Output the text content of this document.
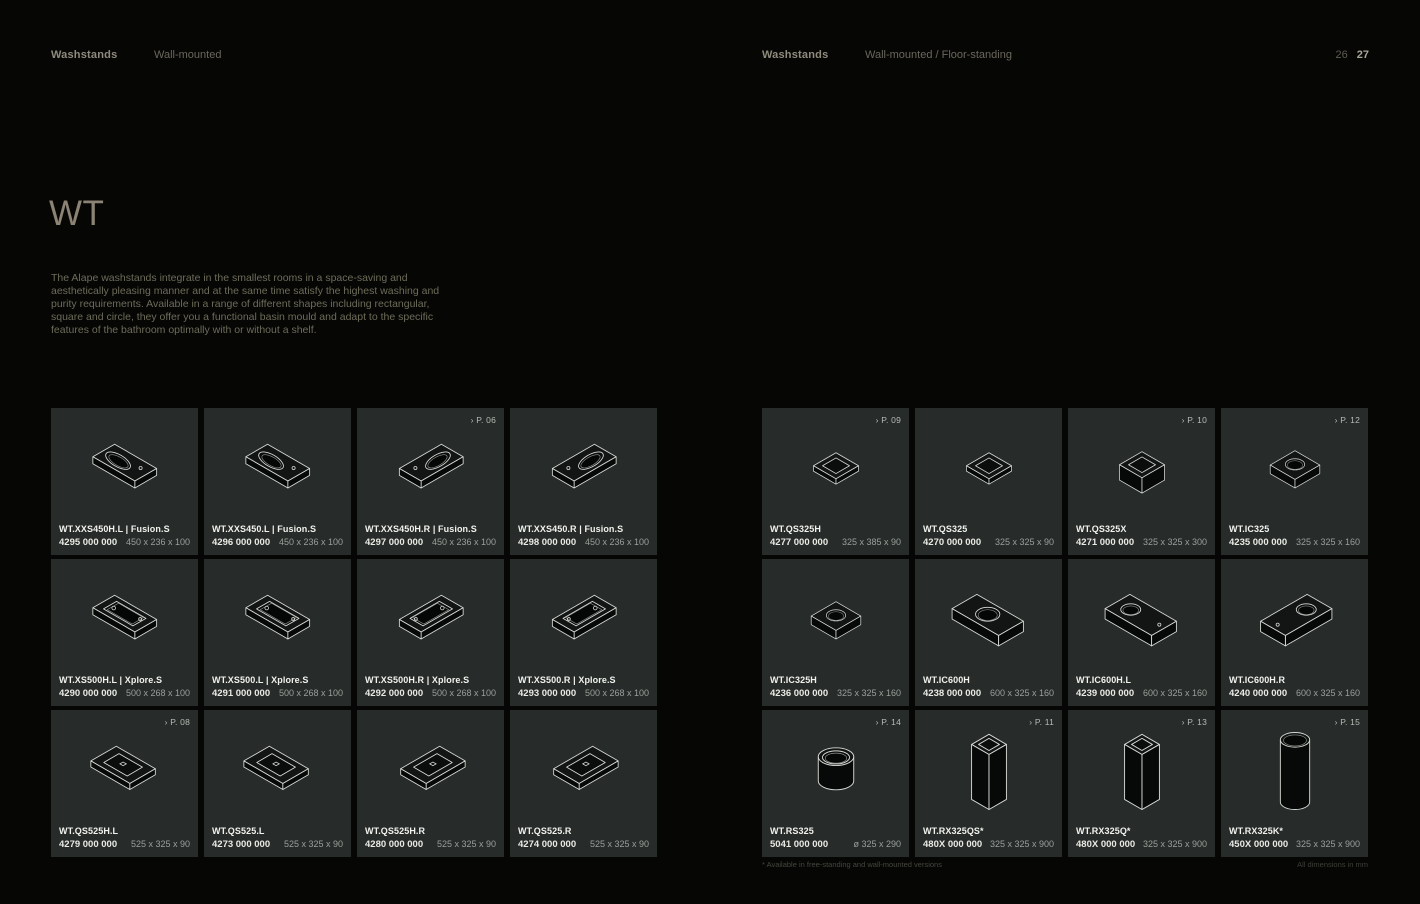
Washstands	Wall-mounted	Washstands	Wall-mounted / Floor-standing	26 27
WT

The Alape washstands integrate in the smallest rooms in a space-saving and aesthetically pleasing manner and at the same time satisfy the highest washing and purity requirements. Available in a range of different shapes including rectangular, square and circle, they offer you a functional basin mould and adapt to the specific features of the bathroom optimally with or without a shelf.

WT.XXS450H.L | Fusion.S
4295 000 000 450 x 236 x 100
WT.XXS450.L | Fusion.S
4296 000 000 450 x 236 x 100
› P. 06
WT.XXS450H.R | Fusion.S
4297 000 000 450 x 236 x 100
WT.XXS450.R | Fusion.S
4298 000 000 450 x 236 x 100
WT.XS500H.L | Xplore.S
4290 000 000 500 x 268 x 100
WT.XS500.L | Xplore.S
4291 000 000 500 x 268 x 100
WT.XS500H.R | Xplore.S
4292 000 000 500 x 268 x 100
WT.XS500.R | Xplore.S
4293 000 000 500 x 268 x 100
› P. 08
WT.QS525H.L
4279 000 000 525 x 325 x 90
WT.QS525.L
4273 000 000 525 x 325 x 90
WT.QS525H.R
4280 000 000 525 x 325 x 90
WT.QS525.R
4274 000 000 525 x 325 x 90
› P. 09
WT.QS325H
4277 000 000 325 x 385 x 90
WT.QS325
4270 000 000 325 x 325 x 90
› P. 10
WT.QS325X
4271 000 000 325 x 325 x 300
› P. 12
WT.IC325
4235 000 000 325 x 325 x 160
WT.IC325H
4236 000 000 325 x 325 x 160
WT.IC600H
4238 000 000 600 x 325 x 160
WT.IC600H.L
4239 000 000 600 x 325 x 160
WT.IC600H.R
4240 000 000 600 x 325 x 160
› P. 14
WT.RS325
5041 000 000	ø 325 x 290
› P. 11
WT.RX325QS*
480X 000 000 325 x 325 x 900
› P. 13
WT.RX325Q*
480X 000 000 325 x 325 x 900
› P. 15
WT.RX325K*
450X 000 000 325 x 325 x 900
* Available in free-standing and wall-mounted versions	All dimensions in mm
